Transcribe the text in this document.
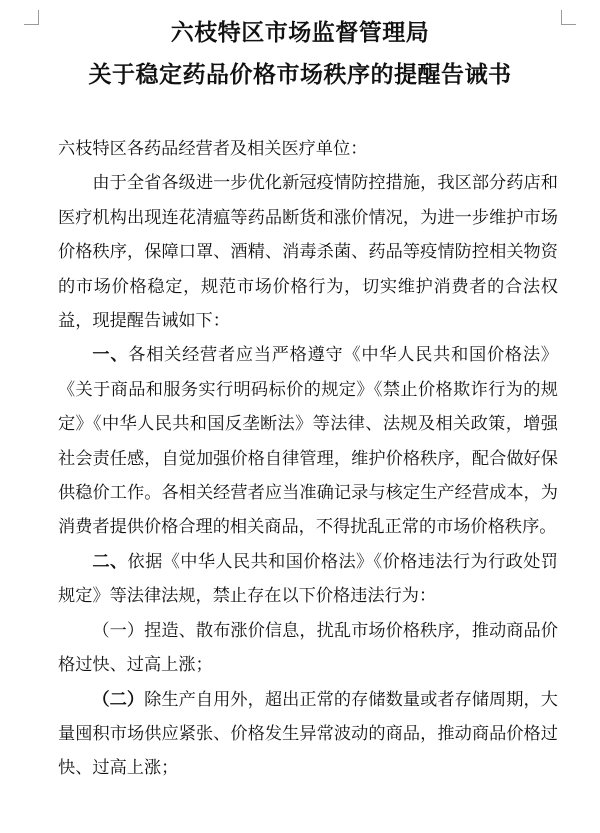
六枝特区市场监督管理局
关于稳定药品价格市场秩序的提醒告诫书

六枝特区各药品经营者及相关医疗单位：

由于全省各级进一步优化新冠疫情防控措施，我区部分药店和医疗机构出现连花清瘟等药品断货和涨价情况，为进一步维护市场价格秩序，保障口罩、酒精、消毒杀菌、药品等疫情防控相关物资的市场价格稳定，规范市场价格行为，切实维护消费者的合法权益，现提醒告诫如下：

一、各相关经营者应当严格遵守《中华人民共和国价格法》《关于商品和服务实行明码标价的规定》《禁止价格欺诈行为的规定》《中华人民共和国反垄断法》等法律、法规及相关政策，增强社会责任感，自觉加强价格自律管理，维护价格秩序，配合做好保供稳价工作。各相关经营者应当准确记录与核定生产经营成本，为消费者提供价格合理的相关商品，不得扰乱正常的市场价格秩序。

二、依据《中华人民共和国价格法》《价格违法行为行政处罚规定》等法律法规，禁止存在以下价格违法行为：

（一）捏造、散布涨价信息，扰乱市场价格秩序，推动商品价格过快、过高上涨；

（二）除生产自用外，超出正常的存储数量或者存储周期，大量囤积市场供应紧张、价格发生异常波动的商品，推动商品价格过快、过高上涨；
